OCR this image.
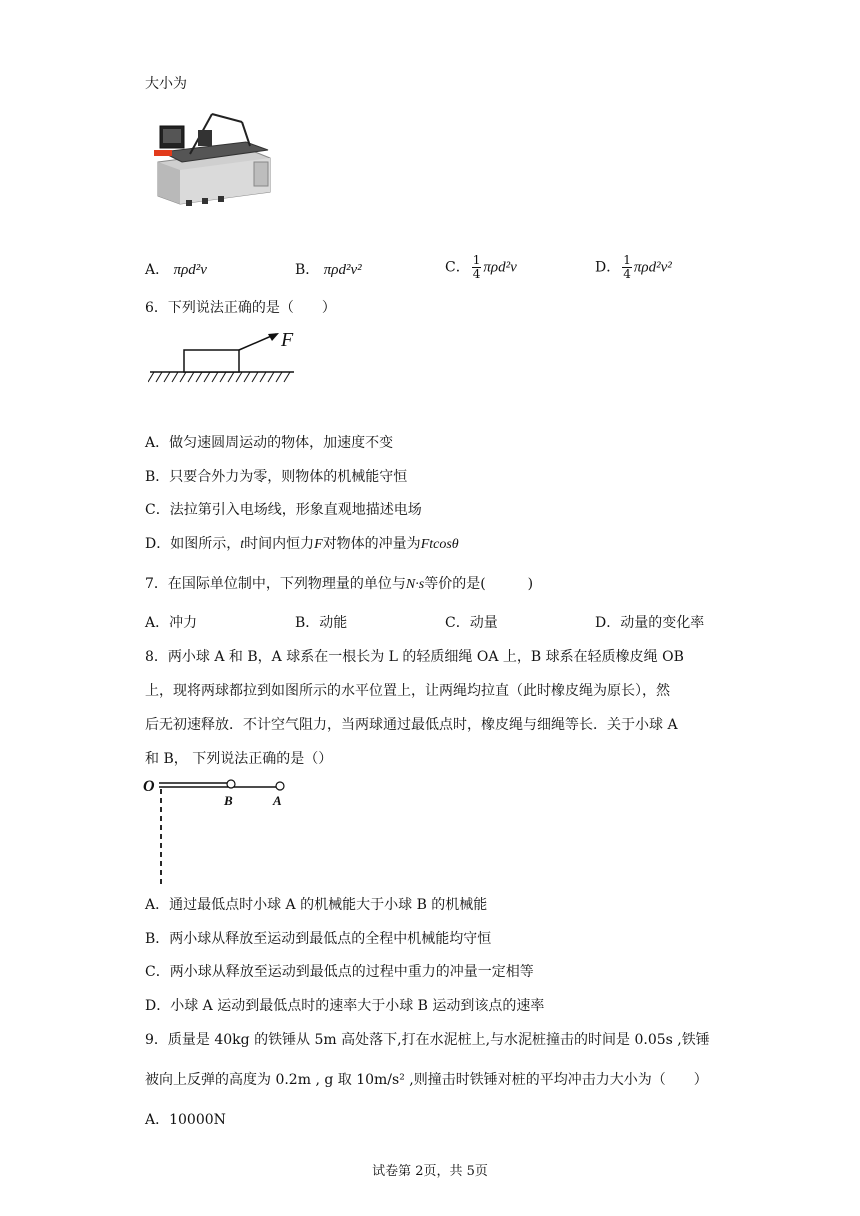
大小为
A． πρd²v	B． πρd²v²	C． $\frac{1}{4} \pi\rho d^2v$	D． $\frac{1}{4} \pi\rho d^2v^2$
6．下列说法正确的是（　　）
F
A．做匀速圆周运动的物体，加速度不变
B．只要合外力为零，则物体的机械能守恒
C．法拉第引入电场线，形象直观地描述电场
D．如图所示，t时间内恒力F对物体的冲量为Ftcosθ
7．在国际单位制中，下列物理量的单位与N·s等价的是(　　　)
A．冲力	B．动能	C．动量	D．动量的变化率
8．两小球 A 和 B，A 球系在一根长为 L 的轻质细绳 OA 上，B 球系在轻质橡皮绳 OB
上，现将两球都拉到如图所示的水平位置上，让两绳均拉直（此时橡皮绳为原长），然
后无初速释放．不计空气阻力，当两球通过最低点时，橡皮绳与细绳等长．关于小球 A
和 B， 下列说法正确的是（）
O
B	A
A．通过最低点时小球 A 的机械能大于小球 B 的机械能
B．两小球从释放至运动到最低点的全程中机械能均守恒
C．两小球从释放至运动到最低点的过程中重力的冲量一定相等
D．小球 A 运动到最低点时的速率大于小球 B 运动到该点的速率
9．质量是 40kg 的铁锤从 5m 高处落下,打在水泥桩上,与水泥桩撞击的时间是 0.05s ,铁锤
被向上反弹的高度为 0.2m , g 取 10m/s² ,则撞击时铁锤对桩的平均冲击力大小为（　　）
A．10000N
试卷第 2页，共 5页
